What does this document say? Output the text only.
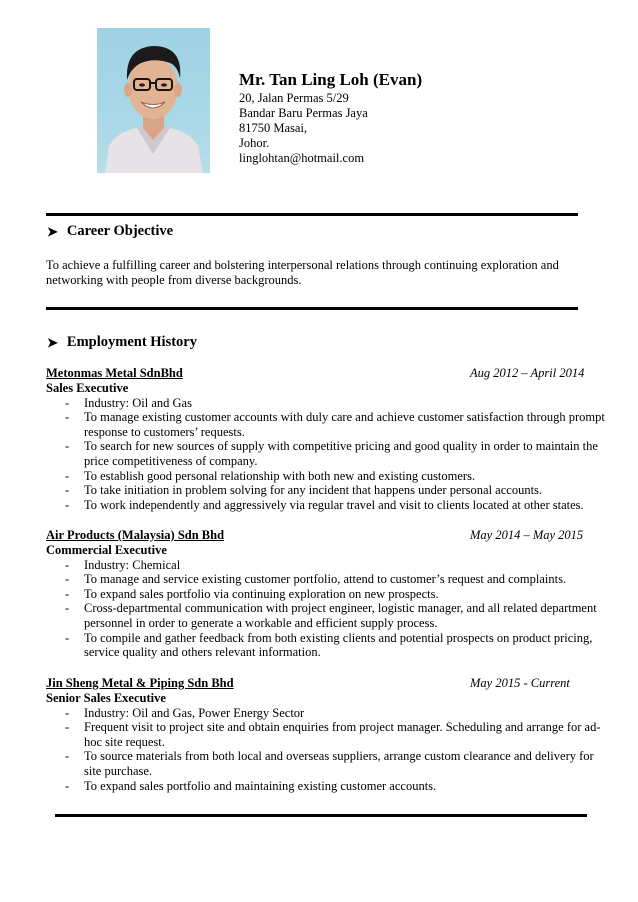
Mr. Tan Ling Loh (Evan)
20, Jalan Permas 5/29
Bandar Baru Permas Jaya
81750 Masai,
Johor.
linglohtan@hotmail.com
➤ Career Objective
To achieve a fulfilling career and bolstering interpersonal relations through continuing exploration and networking with people from diverse backgrounds.
➤ Employment History
Metonmas Metal SdnBhd	Aug 2012 – April 2014
Sales Executive
- Industry: Oil and Gas
- To manage existing customer accounts with duly care and achieve customer satisfaction through prompt response to customers’ requests.
- To search for new sources of supply with competitive pricing and good quality in order to maintain the price competitiveness of company.
- To establish good personal relationship with both new and existing customers.
- To take initiation in problem solving for any incident that happens under personal accounts.
- To work independently and aggressively via regular travel and visit to clients located at other states.
Air Products (Malaysia) Sdn Bhd	May 2014 – May 2015
Commercial Executive
- Industry: Chemical
- To manage and service existing customer portfolio, attend to customer’s request and complaints.
- To expand sales portfolio via continuing exploration on new prospects.
- Cross-departmental communication with project engineer, logistic manager, and all related department personnel in order to generate a workable and efficient supply process.
- To compile and gather feedback from both existing clients and potential prospects on product pricing, service quality and others relevant information.
Jin Sheng Metal & Piping Sdn Bhd	May 2015 - Current
Senior Sales Executive
- Industry: Oil and Gas, Power Energy Sector
- Frequent visit to project site and obtain enquiries from project manager. Scheduling and arrange for ad-hoc site request.
- To source materials from both local and overseas suppliers, arrange custom clearance and delivery for site purchase.
- To expand sales portfolio and maintaining existing customer accounts.
